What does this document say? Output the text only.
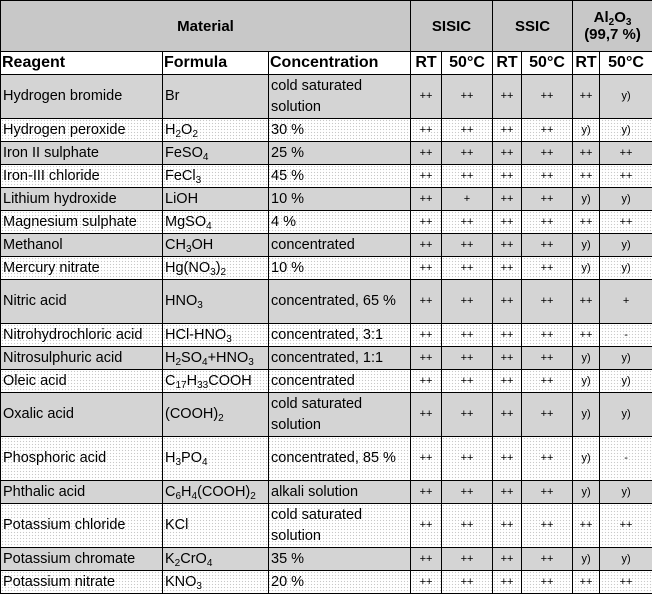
Material			SISIC		SSIC		$Al_2O_3$
(99,7 %)	
Reagent	Formula	Concentration	RT	50°C	RT	50°C	RT	50°C
Hydrogen bromide	Br	cold saturated solution	++	++	++	++	++	y)
Hydrogen peroxide	$H_2O_2$	30 %	++	++	++	++	y)	y)
Iron II sulphate	FeSO$_4$	25 %	++	++	++	++	++	++
Iron-III chloride	FeCl$_3$	45 %	++	++	++	++	++	++
Lithium hydroxide	LiOH	10 %	++	+	++	++	y)	y)
Magnesium sulphate	MgSO$_4$	4 %	++	++	++	++	++	++
Methanol	$CH_3OH$	concentrated	++	++	++	++	y)	y)
Mercury nitrate	$Hg(NO_3)_2$	10 %	++	++	++	++	y)	y)
Nitric acid	$HNO_3$	concentrated, 65 %	++	++	++	++	++	+
Nitrohydrochloric acid	HCl-$HNO_3$	concentrated, 3:1	++	++	++	++	++	-
Nitrosulphuric acid	$H_2SO_4+HNO_3$	concentrated, 1:1	++	++	++	++	y)	y)
Oleic acid	$C_{17}H_{33}COOH$	concentrated	++	++	++	++	y)	y)
Oxalic acid	$(COOH)_2$	cold saturated solution	++	++	++	++	y)	y)
Phosphoric acid	$H_3PO_4$	concentrated, 85 %	++	++	++	++	y)	-
Phthalic acid	$C_6H_4(COOH)_2$	alkali solution	++	++	++	++	y)	y)
Potassium chloride	KCl	cold saturated solution	++	++	++	++	++	++
Potassium chromate	$K_2CrO_4$	35 %	++	++	++	++	y)	y)
Potassium nitrate	$KNO_3$	20 %	++	++	++	++	++	++
